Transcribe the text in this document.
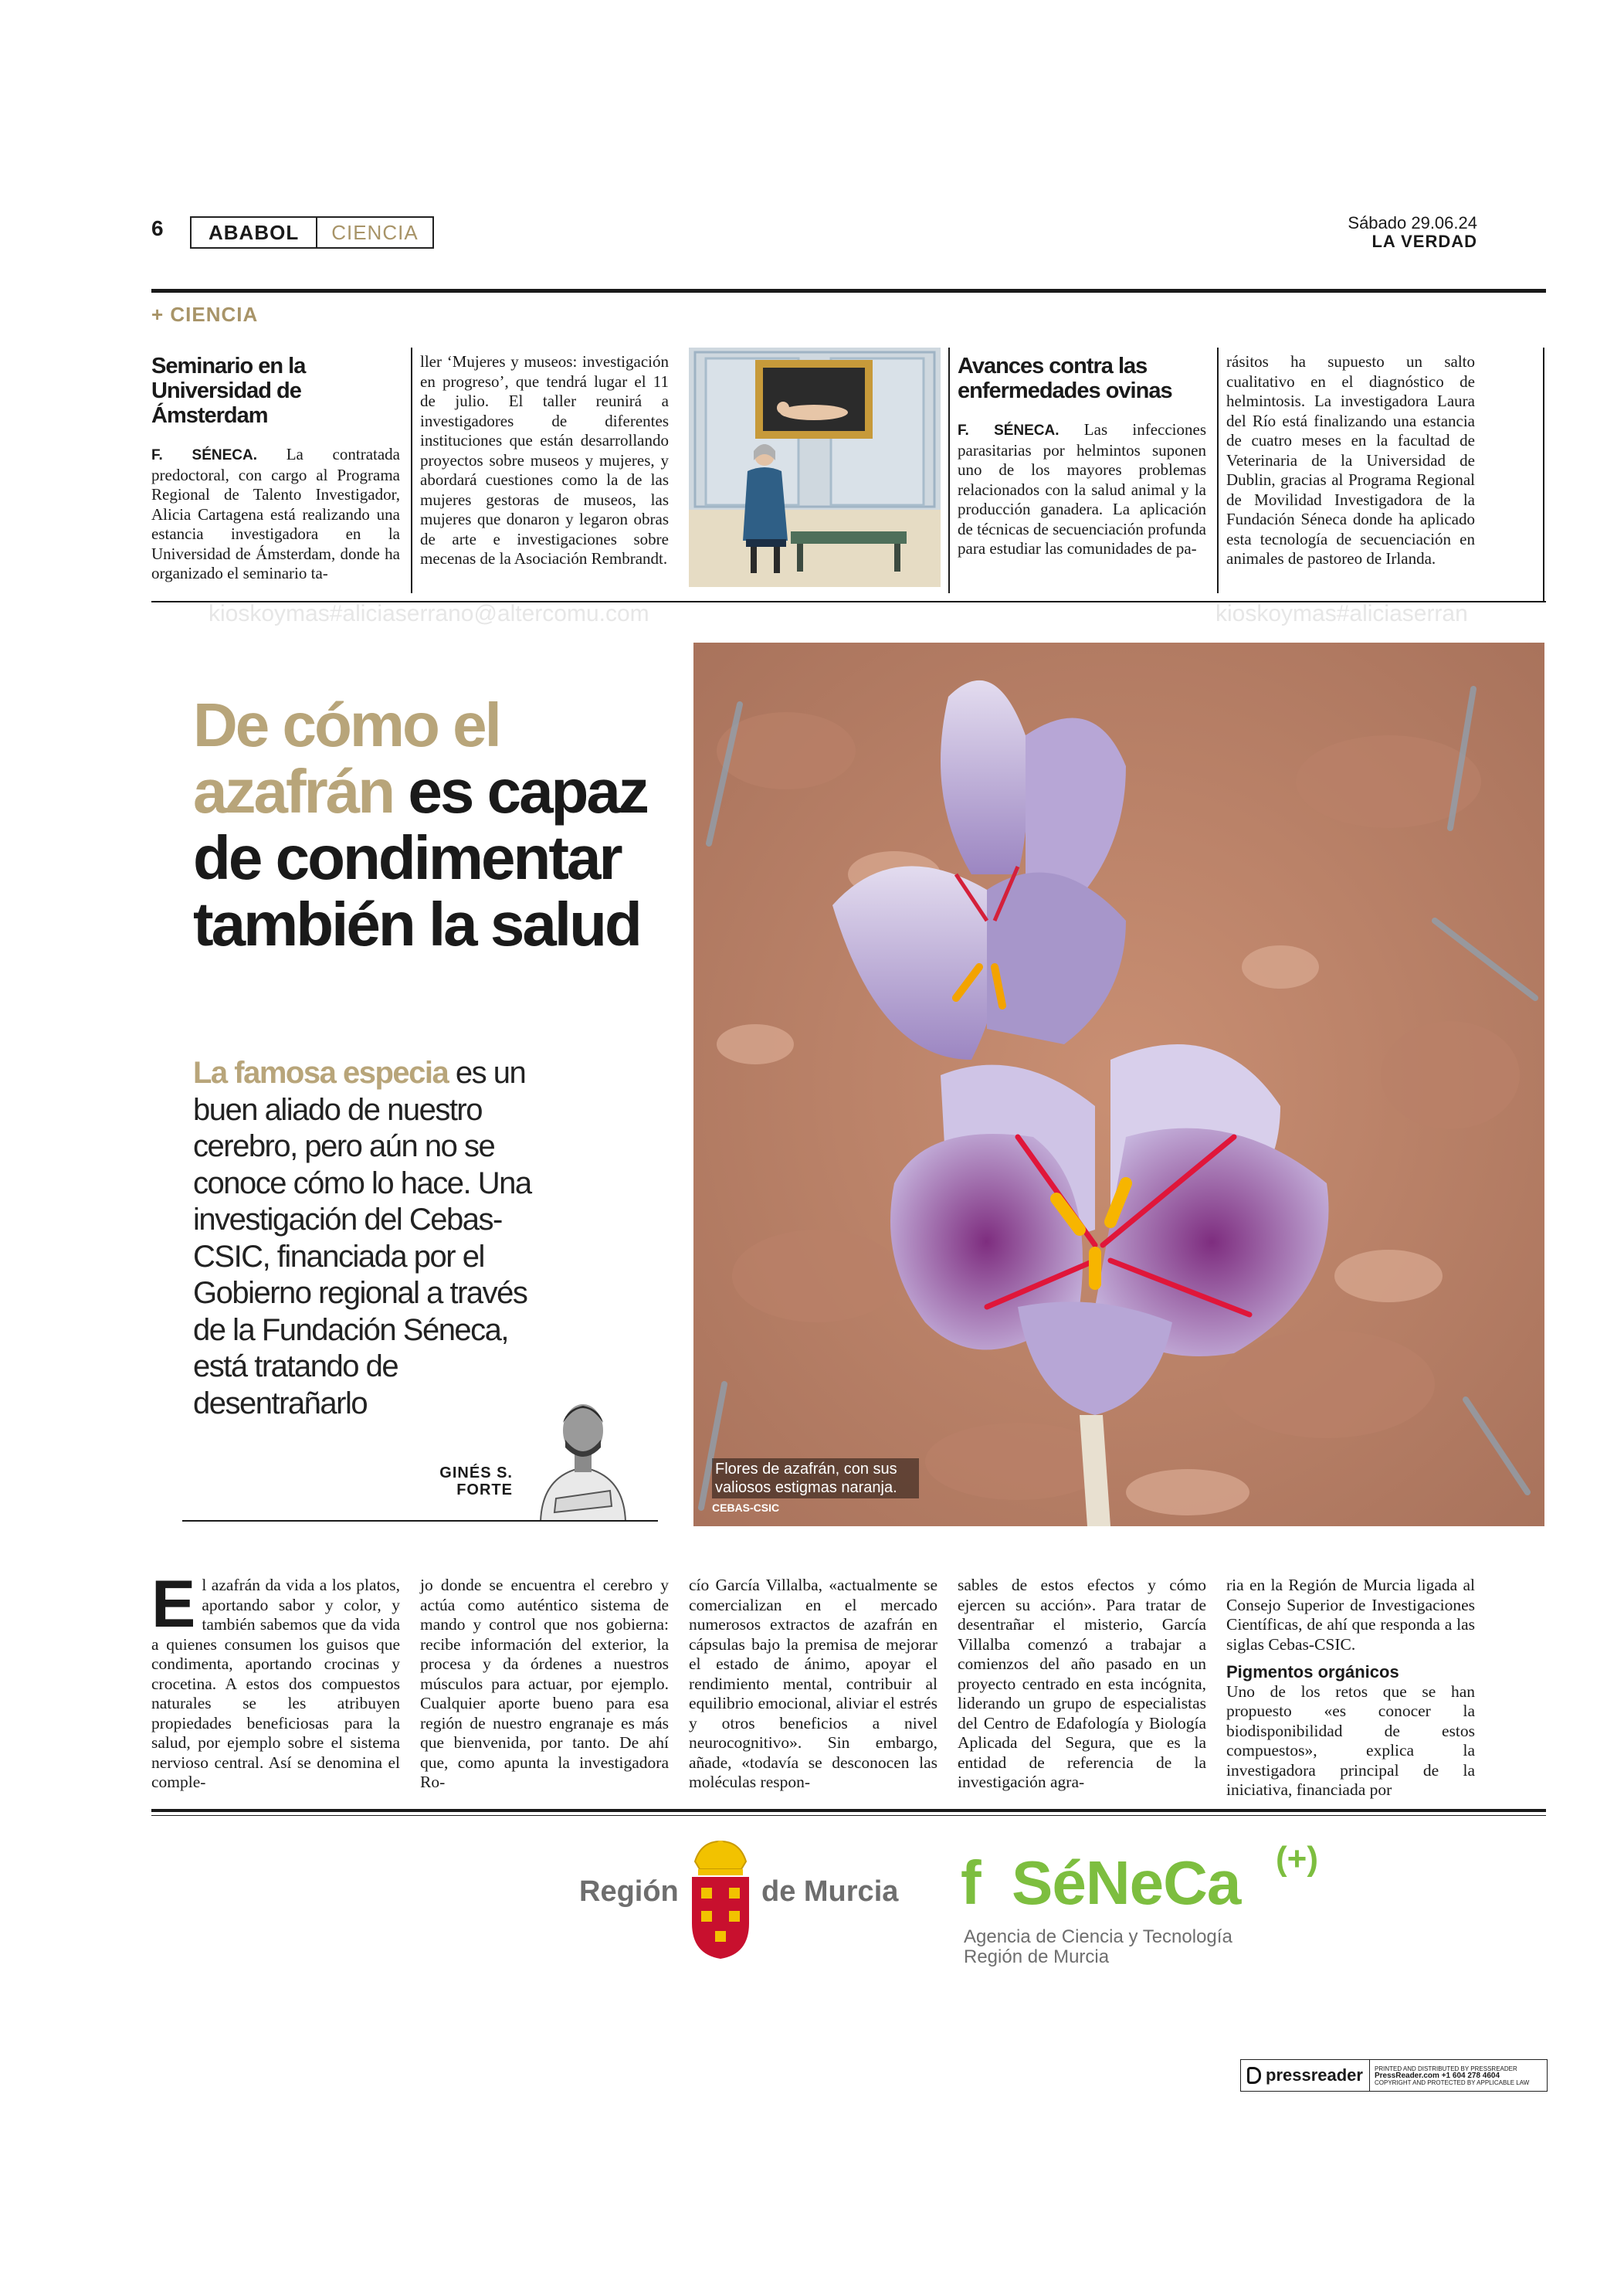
6	ABABOL	CIENCIA	Sábado 29.06.24
LA VERDAD
+ CIENCIA
Seminario en la Universidad de Ámsterdam
F. SÉNECA. La contratada predoctoral, con cargo al Programa Regional de Talento Investigador, Alicia Cartagena está realizando una estancia investigadora en la Universidad de Ámsterdam, donde ha organizado el seminario ta-
ller ‘Mujeres y museos: investigación en progreso’, que tendrá lugar el 11 de julio. El taller reunirá a investigadores de diferentes instituciones que están desarrollando proyectos sobre museos y mujeres, y abordará cuestiones como la de las mujeres gestoras de museos, las mujeres que donaron y legaron obras de arte e investigaciones sobre mecenas de la Asociación Rembrandt.
Avances contra las enfermedades ovinas
F. SÉNECA. Las infecciones parasitarias por helmintos suponen uno de los mayores problemas relacionados con la salud animal y la producción ganadera. La aplicación de técnicas de secuenciación profunda para estudiar las comunidades de pa-
rásitos ha supuesto un salto cualitativo en el diagnóstico de helmintosis. La investigadora Laura del Río está finalizando una estancia de cuatro meses en la facultad de Veterinaria de la Universidad de Dublin, gracias al Programa Regional de Movilidad Investigadora de la Fundación Séneca donde ha aplicado esta tecnología de secuenciación en animales de pastoreo de Irlanda.
kioskoymas#aliciaserrano@altercomu.com	kioskoymas#aliciaserran
De cómo el azafrán es capaz de condimentar también la salud
La famosa especia es un buen aliado de nuestro cerebro, pero aún no se conoce cómo lo hace. Una investigación del Cebas-CSIC, financiada por el Gobierno regional a través de la Fundación Séneca, está tratando de desentrañarlo
GINÉS S.
FORTE
Flores de azafrán, con sus valiosos estigmas naranja.
CEBAS-CSIC
El azafrán da vida a los platos, aportando sabor y color, y también sabemos que da vida a quienes consumen los guisos que condimenta, aportando crocinas y crocetina. A estos dos compuestos naturales se les atribuyen propiedades beneficiosas para la salud, por ejemplo sobre el sistema nervioso central. Así se denomina el comple-
jo donde se encuentra el cerebro y actúa como auténtico sistema de mando y control que nos gobierna: recibe información del exterior, la procesa y da órdenes a nuestros músculos para actuar, por ejemplo. Cualquier aporte bueno para esa región de nuestro engranaje es más que bienvenida, por tanto. De ahí que, como apunta la investigadora Ro-
cío García Villalba, «actualmente se comercializan en el mercado numerosos extractos de azafrán en cápsulas bajo la premisa de mejorar el estado de ánimo, apoyar el rendimiento mental, contribuir al equilibrio emocional, aliviar el estrés y otros beneficios a nivel neurocognitivo». Sin embargo, añade, «todavía se desconocen las moléculas respon-
sables de estos efectos y cómo ejercen su acción». Para tratar de desentrañar el misterio, García Villalba comenzó a trabajar a comienzos del año pasado en un proyecto centrado en esta incógnita, liderando un grupo de especialistas del Centro de Edafología y Biología Aplicada del Segura, que es la entidad de referencia de la investigación agra-
ria en la Región de Murcia ligada al Consejo Superior de Investigaciones Científicas, de ahí que responda a las siglas Cebas-CSIC.
Pigmentos orgánicos
Uno de los retos que se han propuesto «es conocer la biodisponibilidad de estos compuestos», explica la investigadora principal de la iniciativa, financiada por
Región	de Murcia f SéNeCa (+)
Agencia de Ciencia y Tecnología
Región de Murcia
pressreader PRINTED AND DISTRIBUTED BY PRESSREADER
PressReader.com +1 604 278 4604
COPYRIGHT AND PROTECTED BY APPLICABLE LAW
